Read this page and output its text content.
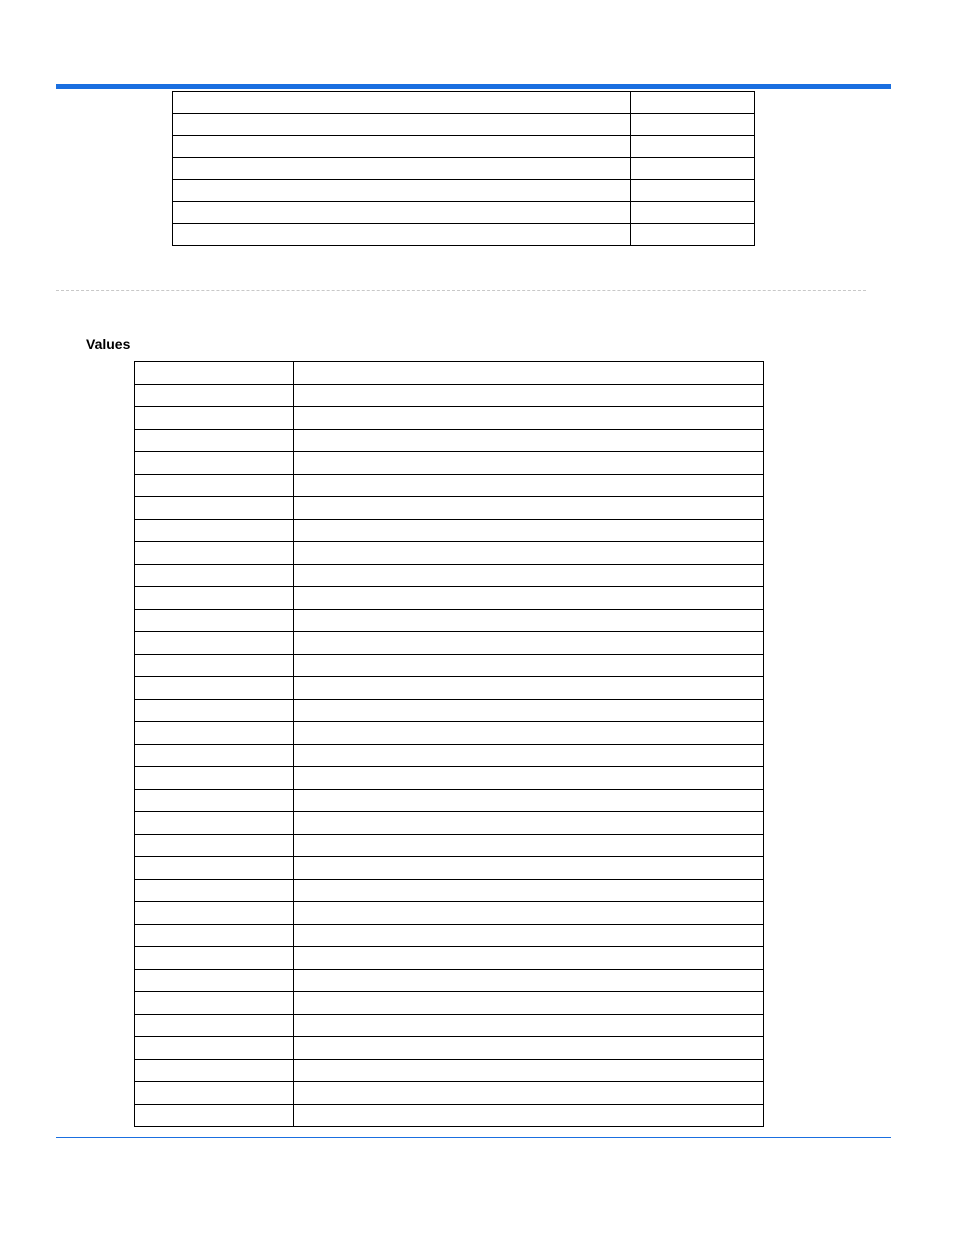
Values
